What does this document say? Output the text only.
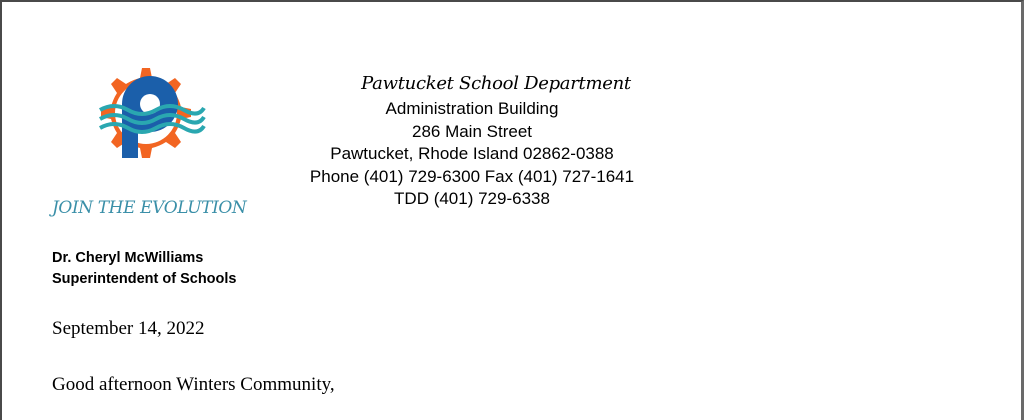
JOIN THE EVOLUTION
Pawtucket School Department
Administration Building
286 Main Street
Pawtucket, Rhode Island 02862-0388
Phone (401) 729-6300 Fax (401) 727-1641
TDD (401) 729-6338
Dr. Cheryl McWilliams
Superintendent of Schools
September 14, 2022
Good afternoon Winters Community,
